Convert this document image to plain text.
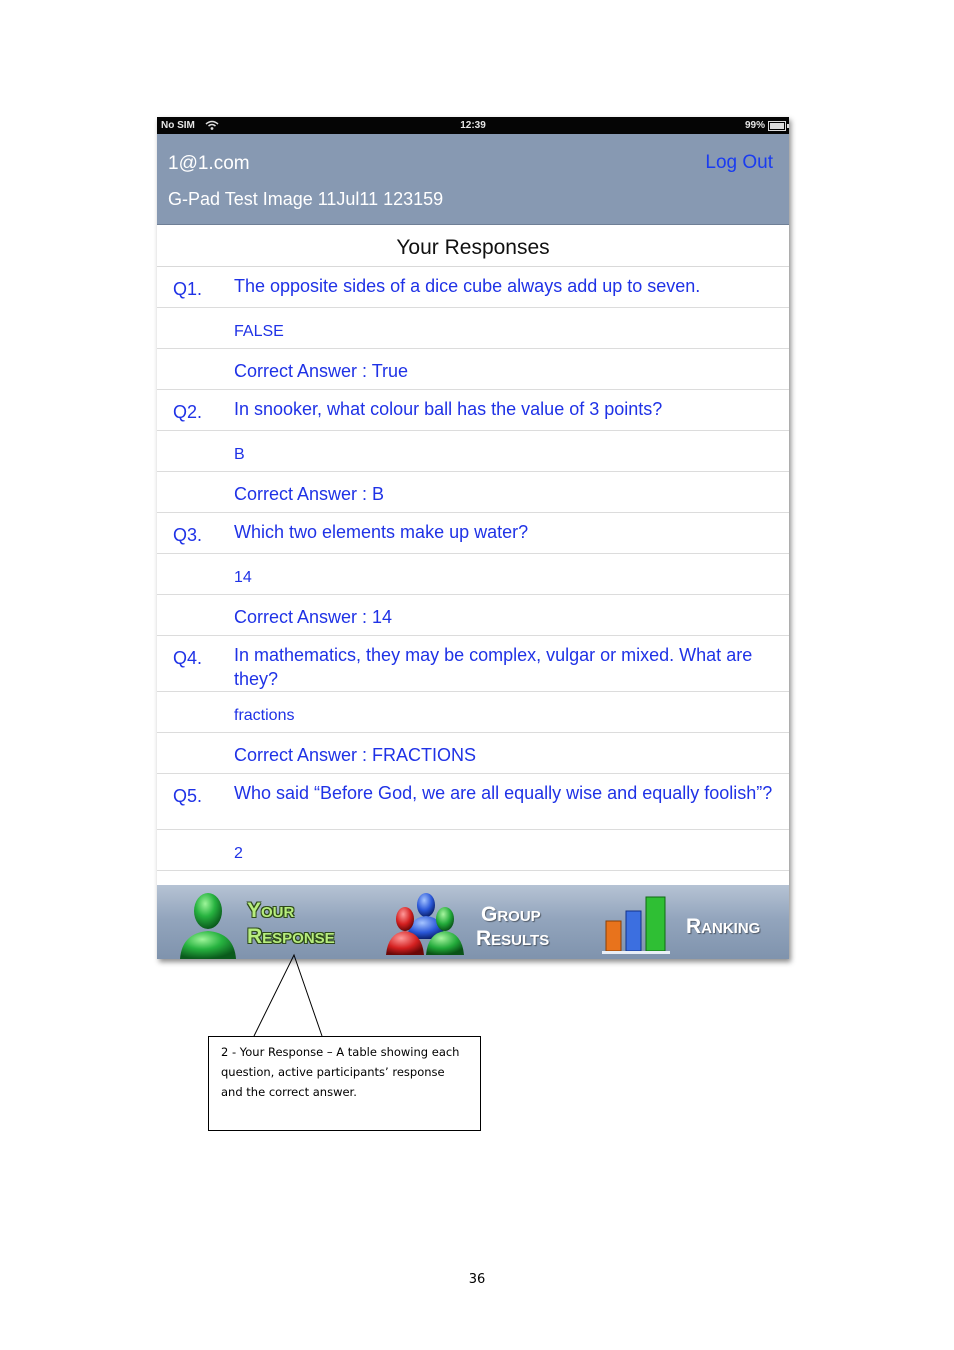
No SIM	12:39	99%
1@1.com	Log Out
G-Pad Test Image 11Jul11 123159
Your Responses
Q1. The opposite sides of a dice cube always add up to seven.
FALSE
Correct Answer : True
Q2. In snooker, what colour ball has the value of 3 points?
B
Correct Answer : B
Q3. Which two elements make up water?
14
Correct Answer : 14
Q4. In mathematics, they may be complex, vulgar or mixed. What are they?
fractions
Correct Answer : FRACTIONS
Q5. Who said “Before God, we are all equally wise and equally foolish”?
2
Your
Response
Group
Results
Ranking
2 - Your Response – A table showing each
question, active participants’ response
and the correct answer.
36
